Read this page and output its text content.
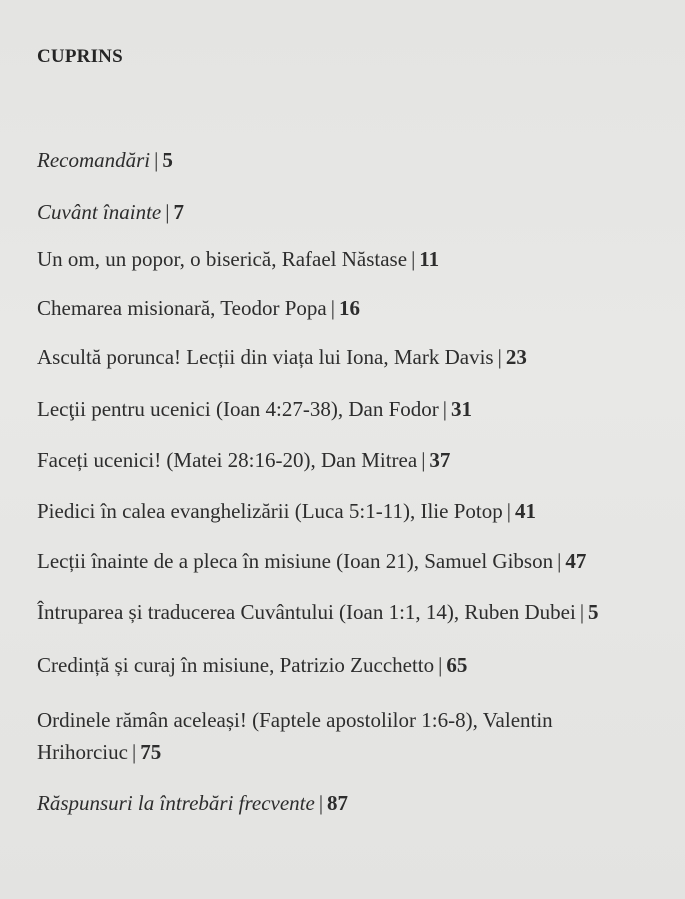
CUPRINS
Recomandări | 5
Cuvânt înainte | 7
Un om, un popor, o biserică, Rafael Năstase | 11
Chemarea misionară, Teodor Popa | 16
Ascultă porunca! Lecții din viața lui Iona, Mark Davis | 23
Lecţii pentru ucenici (Ioan 4:27-38), Dan Fodor | 31
Faceți ucenici! (Matei 28:16-20), Dan Mitrea | 37
Piedici în calea evanghelizării (Luca 5:1-11), Ilie Potop | 41
Lecții înainte de a pleca în misiune (Ioan 21), Samuel Gibson | 47
Întruparea și traducerea Cuvântului (Ioan 1:1, 14), Ruben Dubei | 5
Credință și curaj în misiune, Patrizio Zucchetto | 65
Ordinele rămân aceleași! (Faptele apostolilor 1:6-8), Valentin
Hrihorciuc | 75
Răspunsuri la întrebări frecvente | 87
